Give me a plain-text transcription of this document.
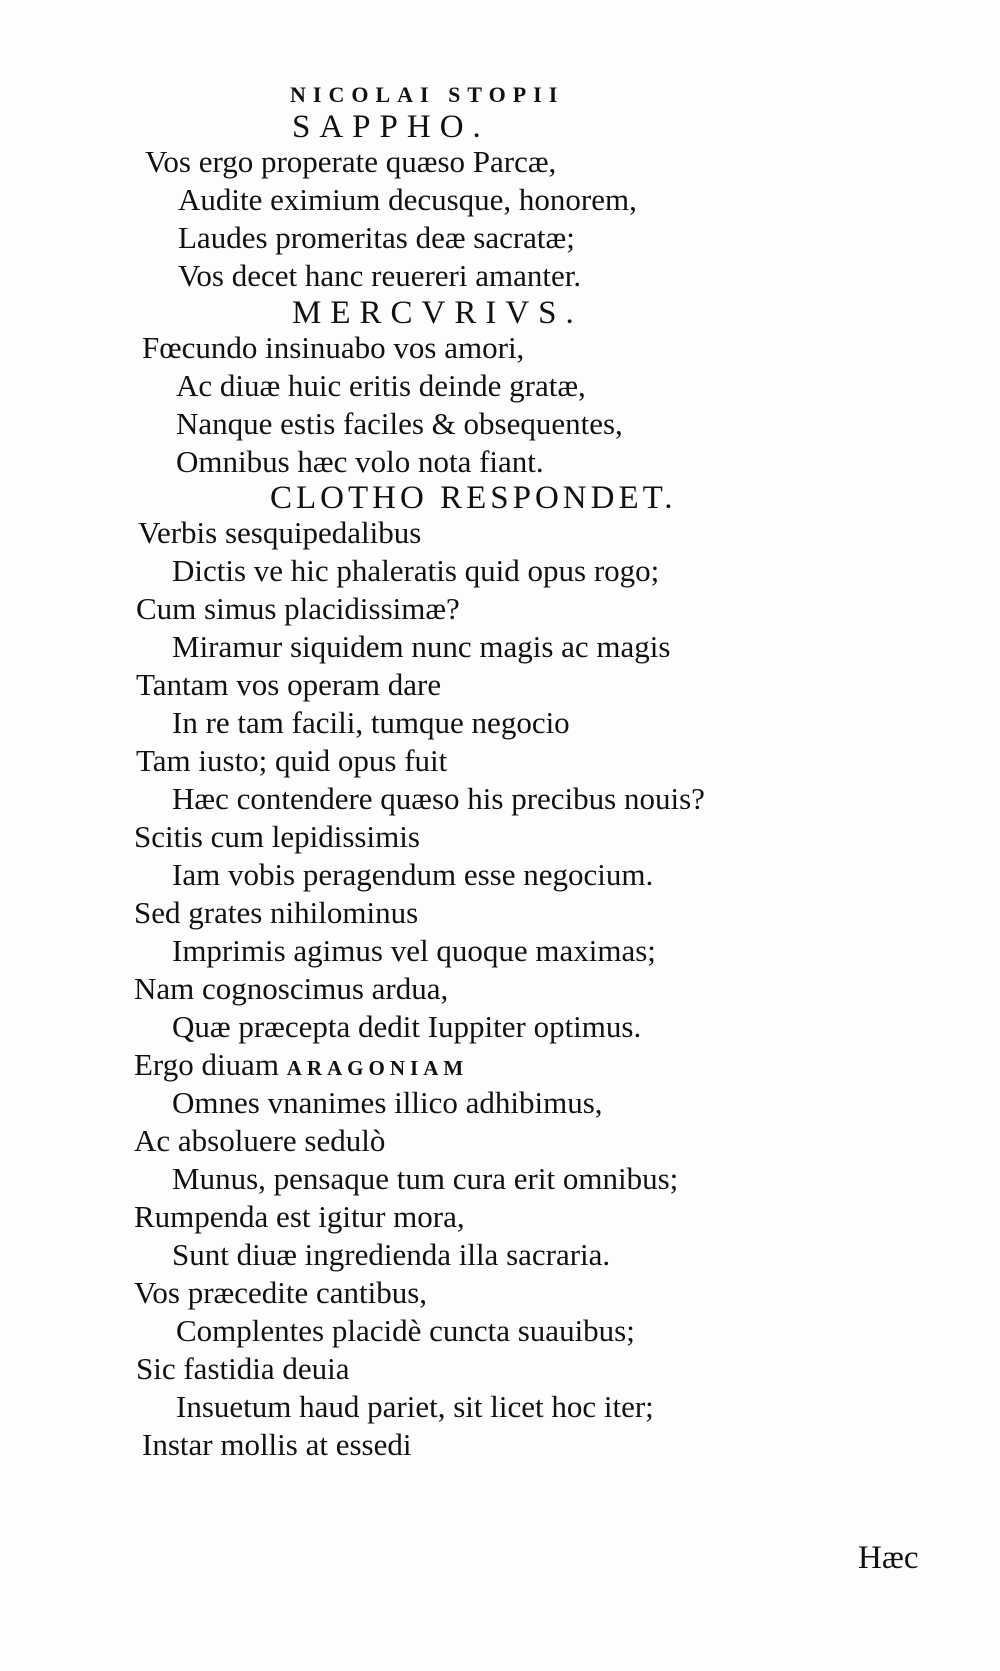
NICOLAI STOPII
SAPPHO.
Vos ergo properate quæso Parcæ,
Audite eximium decusque, honorem,
Laudes promeritas deæ sacratæ;
Vos decet hanc reuereri amanter.
MERCVRIVS.
Fœcundo insinuabo vos amori,
Ac diuæ huic eritis deinde gratæ,
Nanque estis faciles & obsequentes,
Omnibus hæc volo nota fiant.
CLOTHO RESPONDET.
Verbis sesquipedalibus
Dictis ve hic phaleratis quid opus rogo;
Cum simus placidissimæ?
Miramur siquidem nunc magis ac magis
Tantam vos operam dare
In re tam facili, tumque negocio
Tam iusto; quid opus fuit
Hæc contendere quæso his precibus nouis?
Scitis cum lepidissimis
Iam vobis peragendum esse negocium.
Sed grates nihilominus
Imprimis agimus vel quoque maximas;
Nam cognoscimus ardua,
Quæ præcepta dedit Iuppiter optimus.
Ergo diuam ARAGONIAM
Omnes vnanimes illico adhibimus,
Ac absoluere sedulò
Munus, pensaque tum cura erit omnibus;
Rumpenda est igitur mora,
Sunt diuæ ingredienda illa sacraria.
Vos præcedite cantibus,
Complentes placidè cuncta suauibus;
Sic fastidia deuia
Insuetum haud pariet, sit licet hoc iter;
Instar mollis at essedi
Hæc
